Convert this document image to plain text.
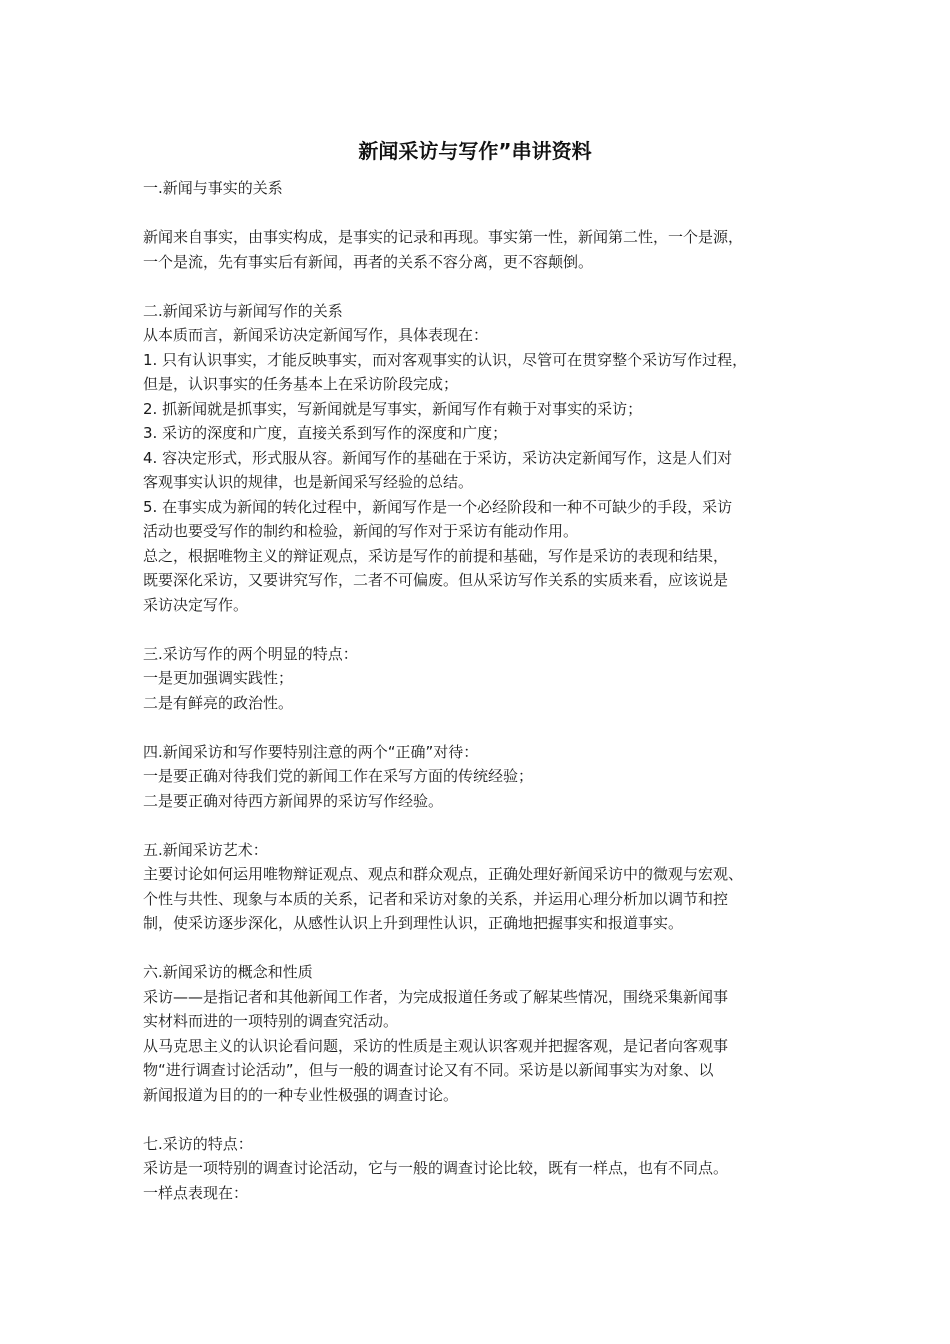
新闻采访与写作”串讲资料
一.新闻与事实的关系
新闻来自事实，由事实构成，是事实的记录和再现。事实第一性，新闻第二性，一个是源，
一个是流，先有事实后有新闻，再者的关系不容分离，更不容颠倒。
二.新闻采访与新闻写作的关系
从本质而言，新闻采访决定新闻写作，具体表现在：
1. 只有认识事实，才能反映事实，而对客观事实的认识，尽管可在贯穿整个采访写作过程，
但是，认识事实的任务基本上在采访阶段完成；
2. 抓新闻就是抓事实，写新闻就是写事实，新闻写作有赖于对事实的采访；
3. 采访的深度和广度，直接关系到写作的深度和广度；
4. 容决定形式，形式服从容。新闻写作的基础在于采访，采访决定新闻写作，这是人们对
客观事实认识的规律，也是新闻采写经验的总结。
5. 在事实成为新闻的转化过程中，新闻写作是一个必经阶段和一种不可缺少的手段，采访
活动也要受写作的制约和检验，新闻的写作对于采访有能动作用。
总之，根据唯物主义的辩证观点，采访是写作的前提和基础，写作是采访的表现和结果，
既要深化采访，又要讲究写作，二者不可偏废。但从采访写作关系的实质来看，应该说是
采访决定写作。
三.采访写作的两个明显的特点：
一是更加强调实践性；
二是有鲜亮的政治性。
四.新闻采访和写作要特别注意的两个“正确”对待：
一是要正确对待我们党的新闻工作在采写方面的传统经验；
二是要正确对待西方新闻界的采访写作经验。
五.新闻采访艺术：
主要讨论如何运用唯物辩证观点、观点和群众观点，正确处理好新闻采访中的微观与宏观、
个性与共性、现象与本质的关系，记者和采访对象的关系，并运用心理分析加以调节和控
制，使采访逐步深化，从感性认识上升到理性认识，正确地把握事实和报道事实。
六.新闻采访的概念和性质
采访——是指记者和其他新闻工作者，为完成报道任务或了解某些情况，围绕采集新闻事
实材料而进的一项特别的调查究活动。
从马克思主义的认识论看问题，采访的性质是主观认识客观并把握客观，是记者向客观事
物“进行调查讨论活动”，但与一般的调查讨论又有不同。采访是以新闻事实为对象、以
新闻报道为目的的一种专业性极强的调查讨论。
七.采访的特点：
采访是一项特别的调查讨论活动，它与一般的调查讨论比较，既有一样点，也有不同点。
一样点表现在：
